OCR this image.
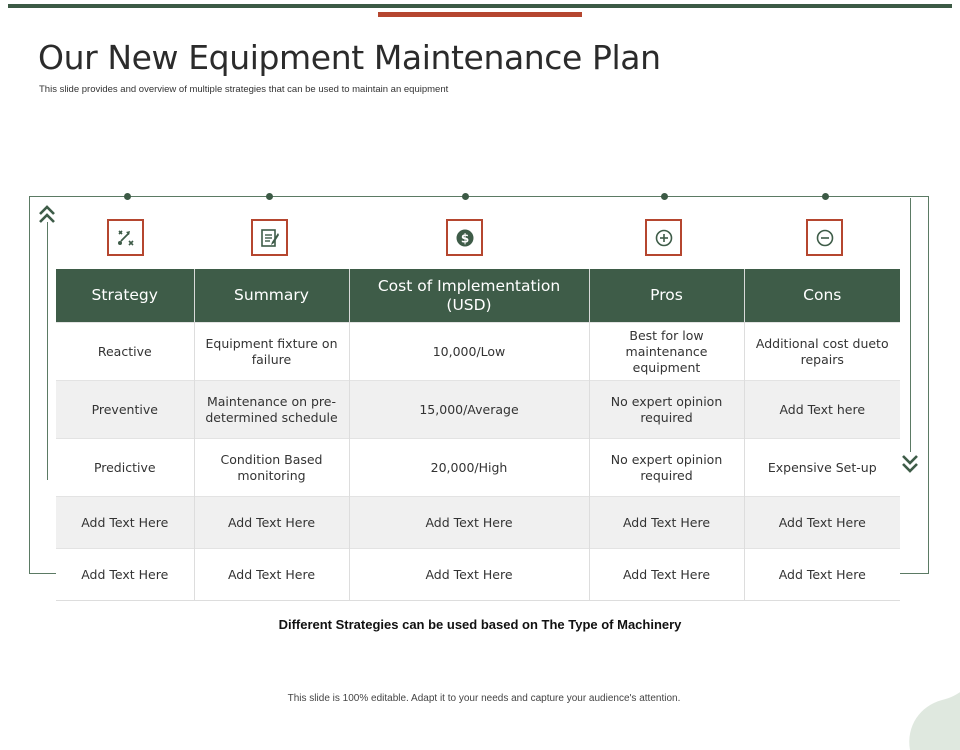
Our New Equipment Maintenance Plan
This slide provides and overview of multiple strategies that can be used to maintain an equipment
$
Strategy	Summary	Cost of Implementation (USD)	Pros	Cons
Reactive	Equipment fixture on failure	10,000/Low	Best for low maintenance equipment	Additional cost dueto repairs
Preventive	Maintenance on pre-determined schedule	15,000/Average	No expert opinion required	Add Text here
Predictive	Condition Based monitoring	20,000/High	No expert opinion required	Expensive Set-up
Add Text Here	Add Text Here	Add Text Here	Add Text Here	Add Text Here
Add Text Here	Add Text Here	Add Text Here	Add Text Here	Add Text Here
Different Strategies can be used based on The Type of Machinery
This slide is 100% editable. Adapt it to your needs and capture your audience's attention.
